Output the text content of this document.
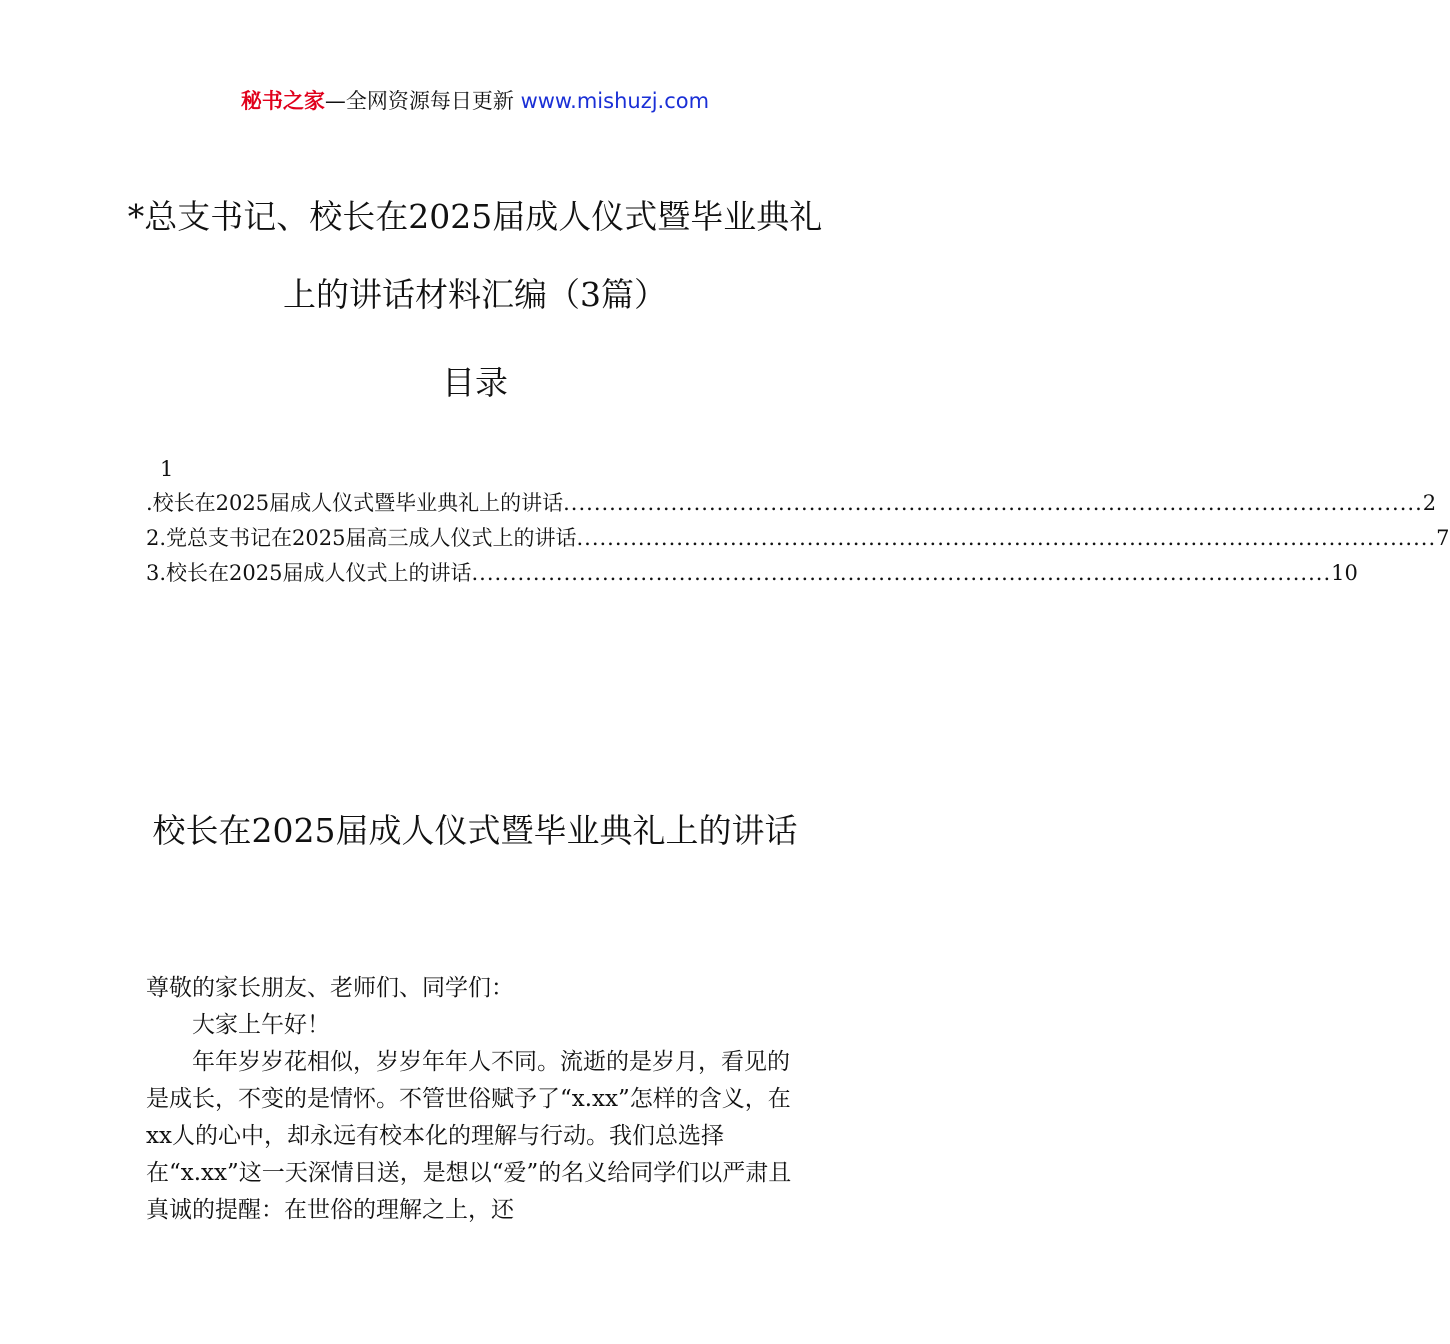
秘书之家—全网资源每日更新 www.mishuzj.com
*总支书记、校长在2025届成人仪式暨毕业典礼上的讲话材料汇编（3篇）
目录
1
.校长在2025届成人仪式暨毕业典礼上的讲话 ................................................................................................................ 2
2.党总支书记在2025届高三成人仪式上的讲话 ................................................................................................................ 7
3.校长在2025届成人仪式上的讲话 ................................................................................................................ 10
校长在2025届成人仪式暨毕业典礼上的讲话

尊敬的家长朋友、老师们、同学们：

大家上午好！

年年岁岁花相似，岁岁年年人不同。流逝的是岁月，看见的是成长，不变的是情怀。不管世俗赋予了“x.xx”怎样的含义，在xx人的心中，却永远有校本化的理解与行动。我们总选择在“x.xx”这一天深情目送，是想以“爱”的名义给同学们以严肃且真诚的提醒：在世俗的理解之上，还
